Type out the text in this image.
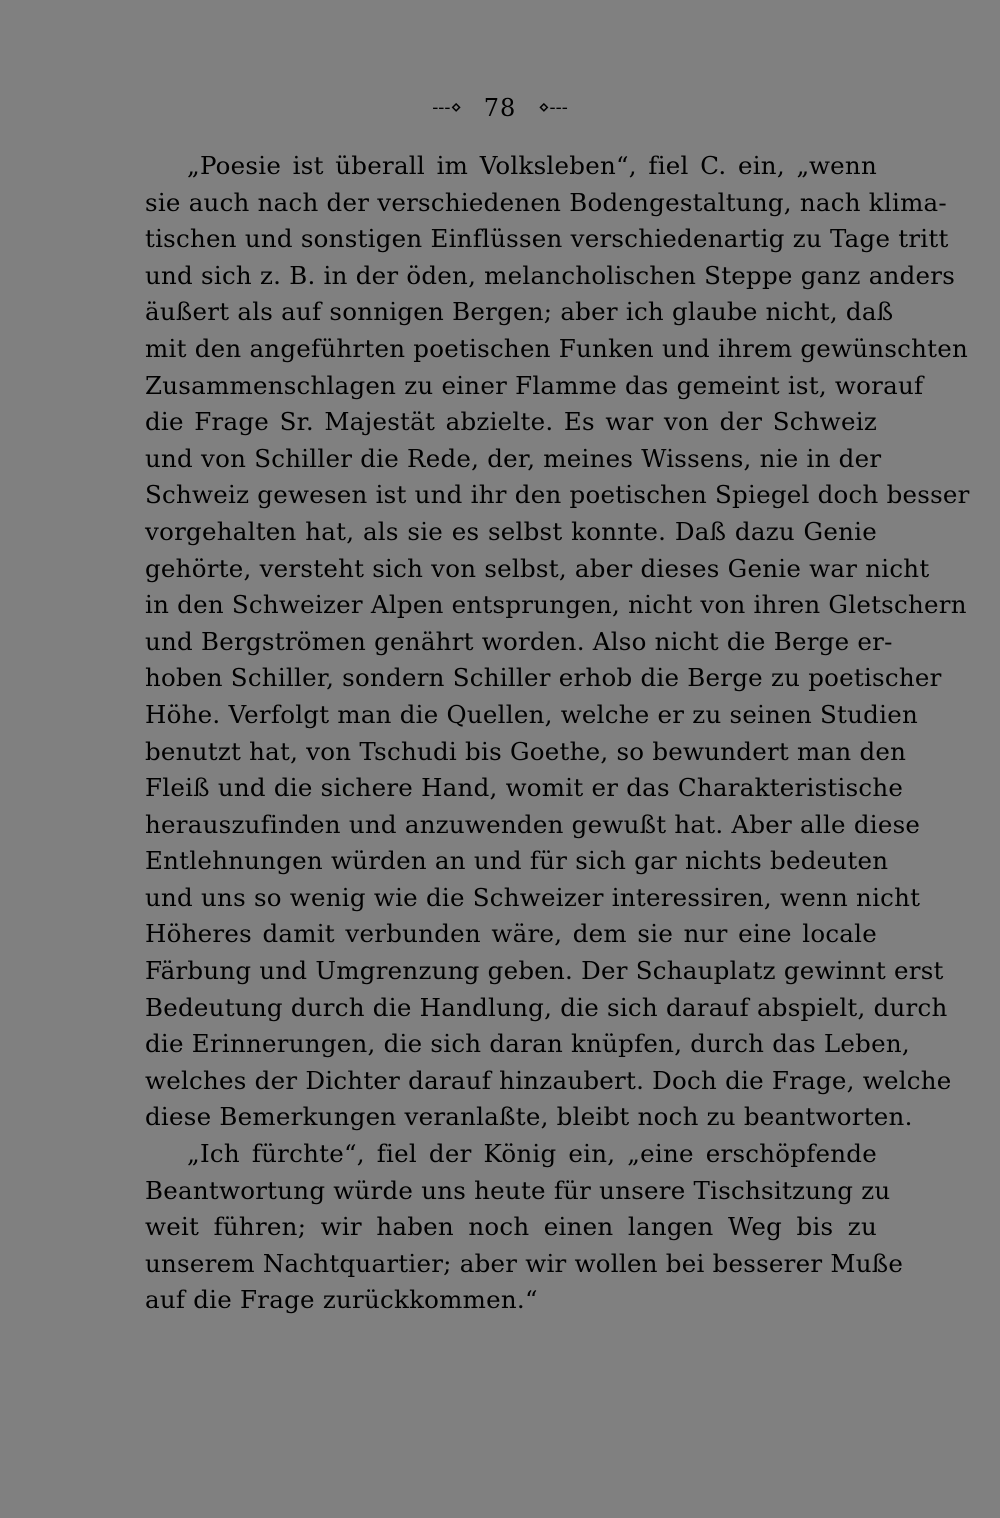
---⋄ 78 ⋄---
„Poesie ist überall im Volksleben“, fiel C. ein, „wenn
sie auch nach der verschiedenen Bodengestaltung, nach klima-
tischen und sonstigen Einflüssen verschiedenartig zu Tage tritt
und sich z. B. in der öden, melancholischen Steppe ganz anders
äußert als auf sonnigen Bergen; aber ich glaube nicht, daß
mit den angeführten poetischen Funken und ihrem gewünschten
Zusammenschlagen zu einer Flamme das gemeint ist, worauf
die Frage Sr. Majestät abzielte. Es war von der Schweiz
und von Schiller die Rede, der, meines Wissens, nie in der
Schweiz gewesen ist und ihr den poetischen Spiegel doch besser
vorgehalten hat, als sie es selbst konnte. Daß dazu Genie
gehörte, versteht sich von selbst, aber dieses Genie war nicht
in den Schweizer Alpen entsprungen, nicht von ihren Gletschern
und Bergströmen genährt worden. Also nicht die Berge er-
hoben Schiller, sondern Schiller erhob die Berge zu poetischer
Höhe. Verfolgt man die Quellen, welche er zu seinen Studien
benutzt hat, von Tschudi bis Goethe, so bewundert man den
Fleiß und die sichere Hand, womit er das Charakteristische
herauszufinden und anzuwenden gewußt hat. Aber alle diese
Entlehnungen würden an und für sich gar nichts bedeuten
und uns so wenig wie die Schweizer interessiren, wenn nicht
Höheres damit verbunden wäre, dem sie nur eine locale
Färbung und Umgrenzung geben. Der Schauplatz gewinnt erst
Bedeutung durch die Handlung, die sich darauf abspielt, durch
die Erinnerungen, die sich daran knüpfen, durch das Leben,
welches der Dichter darauf hinzaubert. Doch die Frage, welche
diese Bemerkungen veranlaßte, bleibt noch zu beantworten.
„Ich fürchte“, fiel der König ein, „eine erschöpfende
Beantwortung würde uns heute für unsere Tischsitzung zu
weit führen; wir haben noch einen langen Weg bis zu
unserem Nachtquartier; aber wir wollen bei besserer Muße
auf die Frage zurückkommen.“
